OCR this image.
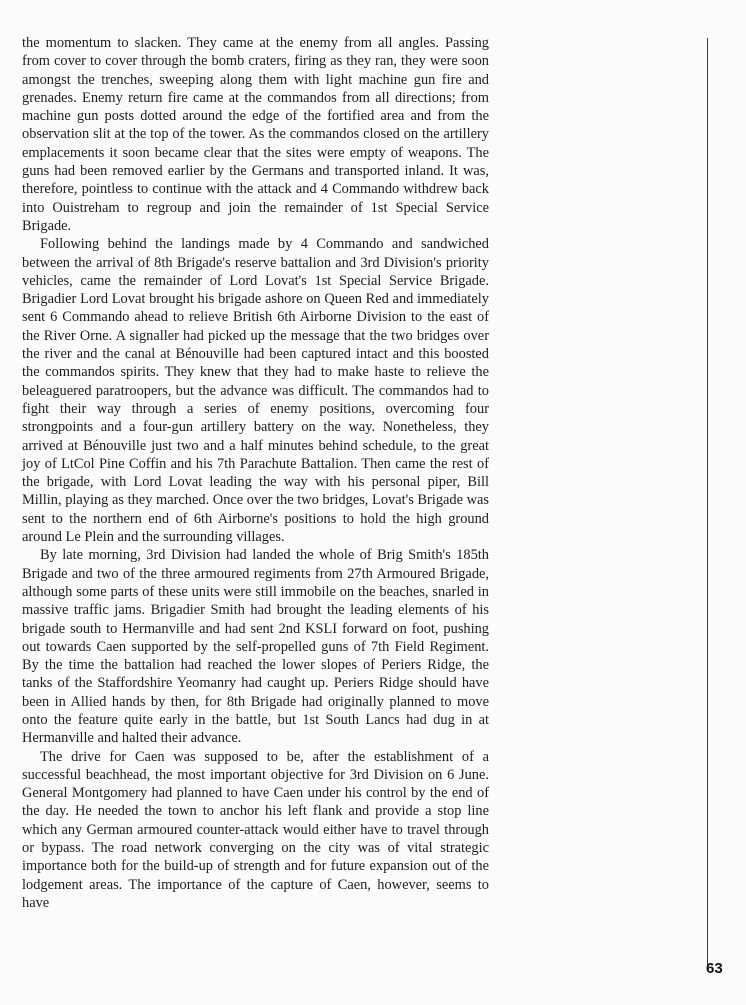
the momentum to slacken. They came at the enemy from all angles. Passing from cover to cover through the bomb craters, firing as they ran, they were soon amongst the trenches, sweeping along them with light machine gun fire and grenades. Enemy return fire came at the commandos from all directions; from machine gun posts dotted around the edge of the fortified area and from the observation slit at the top of the tower. As the commandos closed on the artillery emplacements it soon became clear that the sites were empty of weapons. The guns had been removed earlier by the Germans and transported inland. It was, therefore, pointless to continue with the attack and 4 Commando withdrew back into Ouistreham to regroup and join the remainder of 1st Special Service Brigade.

Following behind the landings made by 4 Commando and sandwiched between the arrival of 8th Brigade's reserve battalion and 3rd Division's priority vehicles, came the remainder of Lord Lovat's 1st Special Service Brigade. Brigadier Lord Lovat brought his brigade ashore on Queen Red and immediately sent 6 Commando ahead to relieve British 6th Airborne Division to the east of the River Orne. A signaller had picked up the message that the two bridges over the river and the canal at Bénouville had been captured intact and this boosted the commandos spirits. They knew that they had to make haste to relieve the beleaguered paratroopers, but the advance was difficult. The commandos had to fight their way through a series of enemy positions, overcoming four strongpoints and a four-gun artillery battery on the way. Nonetheless, they arrived at Bénouville just two and a half minutes behind schedule, to the great joy of LtCol Pine Coffin and his 7th Parachute Battalion. Then came the rest of the brigade, with Lord Lovat leading the way with his personal piper, Bill Millin, playing as they marched. Once over the two bridges, Lovat's Brigade was sent to the northern end of 6th Airborne's positions to hold the high ground around Le Plein and the surrounding villages.

By late morning, 3rd Division had landed the whole of Brig Smith's 185th Brigade and two of the three armoured regiments from 27th Armoured Brigade, although some parts of these units were still immobile on the beaches, snarled in massive traffic jams. Brigadier Smith had brought the leading elements of his brigade south to Hermanville and had sent 2nd KSLI forward on foot, pushing out towards Caen supported by the self-propelled guns of 7th Field Regiment. By the time the battalion had reached the lower slopes of Periers Ridge, the tanks of the Staffordshire Yeomanry had caught up. Periers Ridge should have been in Allied hands by then, for 8th Brigade had originally planned to move onto the feature quite early in the battle, but 1st South Lancs had dug in at Hermanville and halted their advance.

The drive for Caen was supposed to be, after the establishment of a successful beachhead, the most important objective for 3rd Division on 6 June. General Montgomery had planned to have Caen under his control by the end of the day. He needed the town to anchor his left flank and provide a stop line which any German armoured counter-attack would either have to travel through or bypass. The road network converging on the city was of vital strategic importance both for the build-up of strength and for future expansion out of the lodgement areas. The importance of the capture of Caen, however, seems to have

63
